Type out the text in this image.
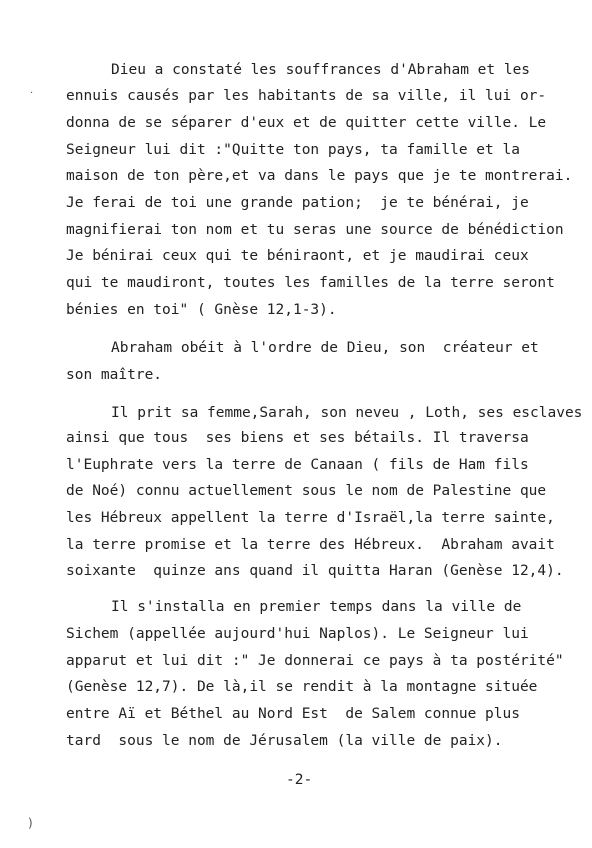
Dieu a constaté les souffrances d'Abraham et les

ennuis causés par les habitants de sa ville, il lui or-

donna de se séparer d'eux et de quitter cette ville. Le

Seigneur lui dit :"Quitte ton pays, ta famille et la

maison de ton père,et va dans le pays que je te montrerai.

Je ferai de toi une grande pation;  je te bénérai, je

magnifierai ton nom et tu seras une source de bénédiction

Je bénirai ceux qui te béniraont, et je maudirai ceux

qui te maudiront, toutes les familles de la terre seront

bénies en toi" ( Gnèse 12,1-3).

Abraham obéit à l'ordre de Dieu, son  créateur et

son maître.

Il prit sa femme,Sarah, son neveu , Loth, ses esclaves

ainsi que tous  ses biens et ses bétails. Il traversa

l'Euphrate vers la terre de Canaan ( fils de Ham fils

de Noé) connu actuellement sous le nom de Palestine que

les Hébreux appellent la terre d'Israël,la terre sainte,

la terre promise et la terre des Hébreux.  Abraham avait

soixante  quinze ans quand il quitta Haran (Genèse 12,4).

Il s'installa en premier temps dans la ville de

Sichem (appellée aujourd'hui Naplos). Le Seigneur lui

apparut et lui dit :" Je donnerai ce pays à ta postérité"

(Genèse 12,7). De là,il se rendit à la montagne située

entre Aï et Béthel au Nord Est  de Salem connue plus

tard  sous le nom de Jérusalem (la ville de paix).

-2-

·
)
